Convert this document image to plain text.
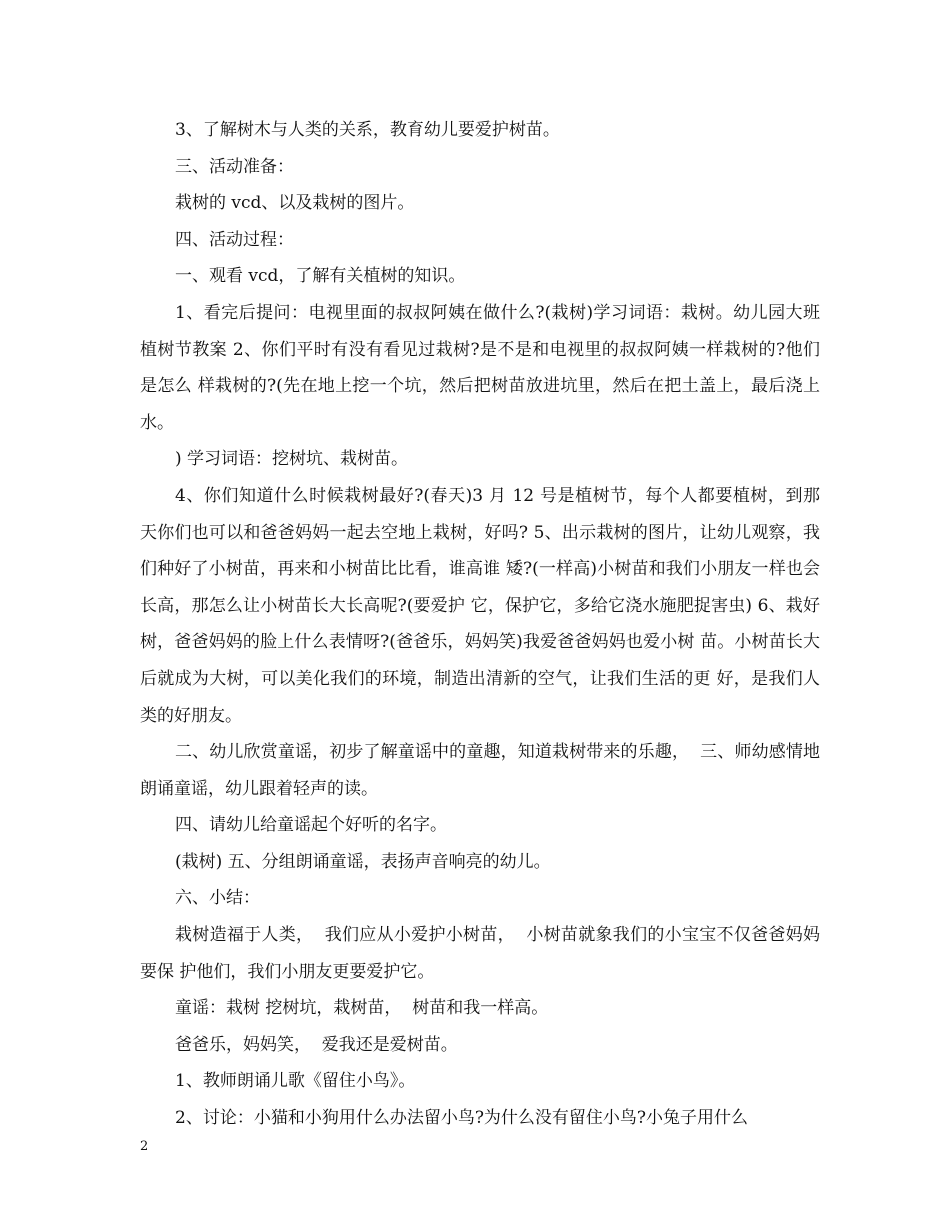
3、了解树木与人类的关系，教育幼儿要爱护树苗。

三、活动准备：

栽树的 vcd、以及栽树的图片。

四、活动过程：

一、观看 vcd，了解有关植树的知识。

1、看完后提问：电视里面的叔叔阿姨在做什么?(栽树)学习词语：栽树。幼儿园大班植树节教案 2、你们平时有没有看见过栽树?是不是和电视里的叔叔阿姨一样栽树的?他们是怎么 样栽树的?(先在地上挖一个坑，然后把树苗放进坑里，然后在把土盖上，最后浇上水。

) 学习词语：挖树坑、栽树苗。

4、你们知道什么时候栽树最好?(春天)3 月 12 号是植树节，每个人都要植树，到那 天你们也可以和爸爸妈妈一起去空地上栽树，好吗? 5、出示栽树的图片，让幼儿观察，我们种好了小树苗，再来和小树苗比比看，谁高谁 矮?(一样高)小树苗和我们小朋友一样也会长高，那怎么让小树苗长大长高呢?(要爱护 它，保护它，多给它浇水施肥捉害虫) 6、栽好树，爸爸妈妈的脸上什么表情呀?(爸爸乐，妈妈笑)我爱爸爸妈妈也爱小树 苗。小树苗长大后就成为大树，可以美化我们的环境，制造出清新的空气，让我们生活的更 好，是我们人类的好朋友。

二、幼儿欣赏童谣，初步了解童谣中的童趣，知道栽树带来的乐趣，  三、师幼感情地朗诵童谣，幼儿跟着轻声的读。

四、请幼儿给童谣起个好听的名字。

(栽树) 五、分组朗诵童谣，表扬声音响亮的幼儿。

六、小结：

栽树造福于人类，  我们应从小爱护小树苗，  小树苗就象我们的小宝宝不仅爸爸妈妈要保 护他们，我们小朋友更要爱护它。

童谣：栽树 挖树坑，栽树苗，  树苗和我一样高。

爸爸乐，妈妈笑，  爱我还是爱树苗。

1、教师朗诵儿歌《留住小鸟》。

2、讨论：小猫和小狗用什么办法留小鸟?为什么没有留住小鸟?小兔子用什么

2
